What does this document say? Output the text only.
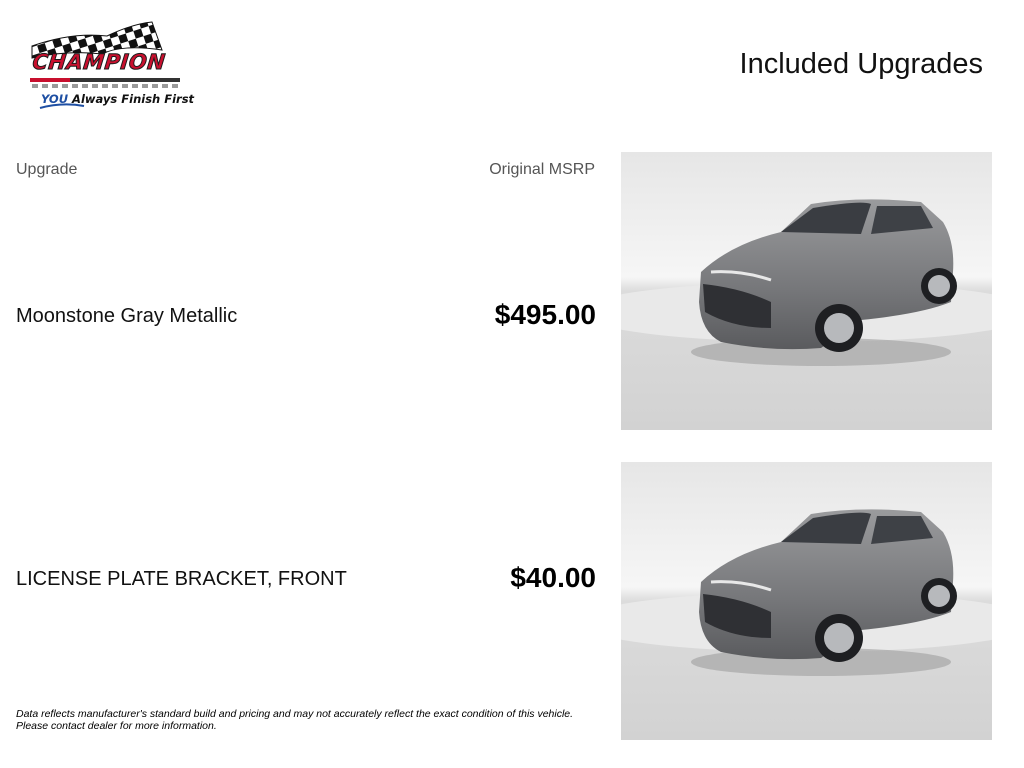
CHAMPION
YOU Always Finish First
Included Upgrades
Upgrade	Original MSRP
Moonstone Gray Metallic	$495.00
LICENSE PLATE BRACKET, FRONT	$40.00

Data reflects manufacturer's standard build and pricing and may not accurately reflect the exact condition of this vehicle.

Please contact dealer for more information.
